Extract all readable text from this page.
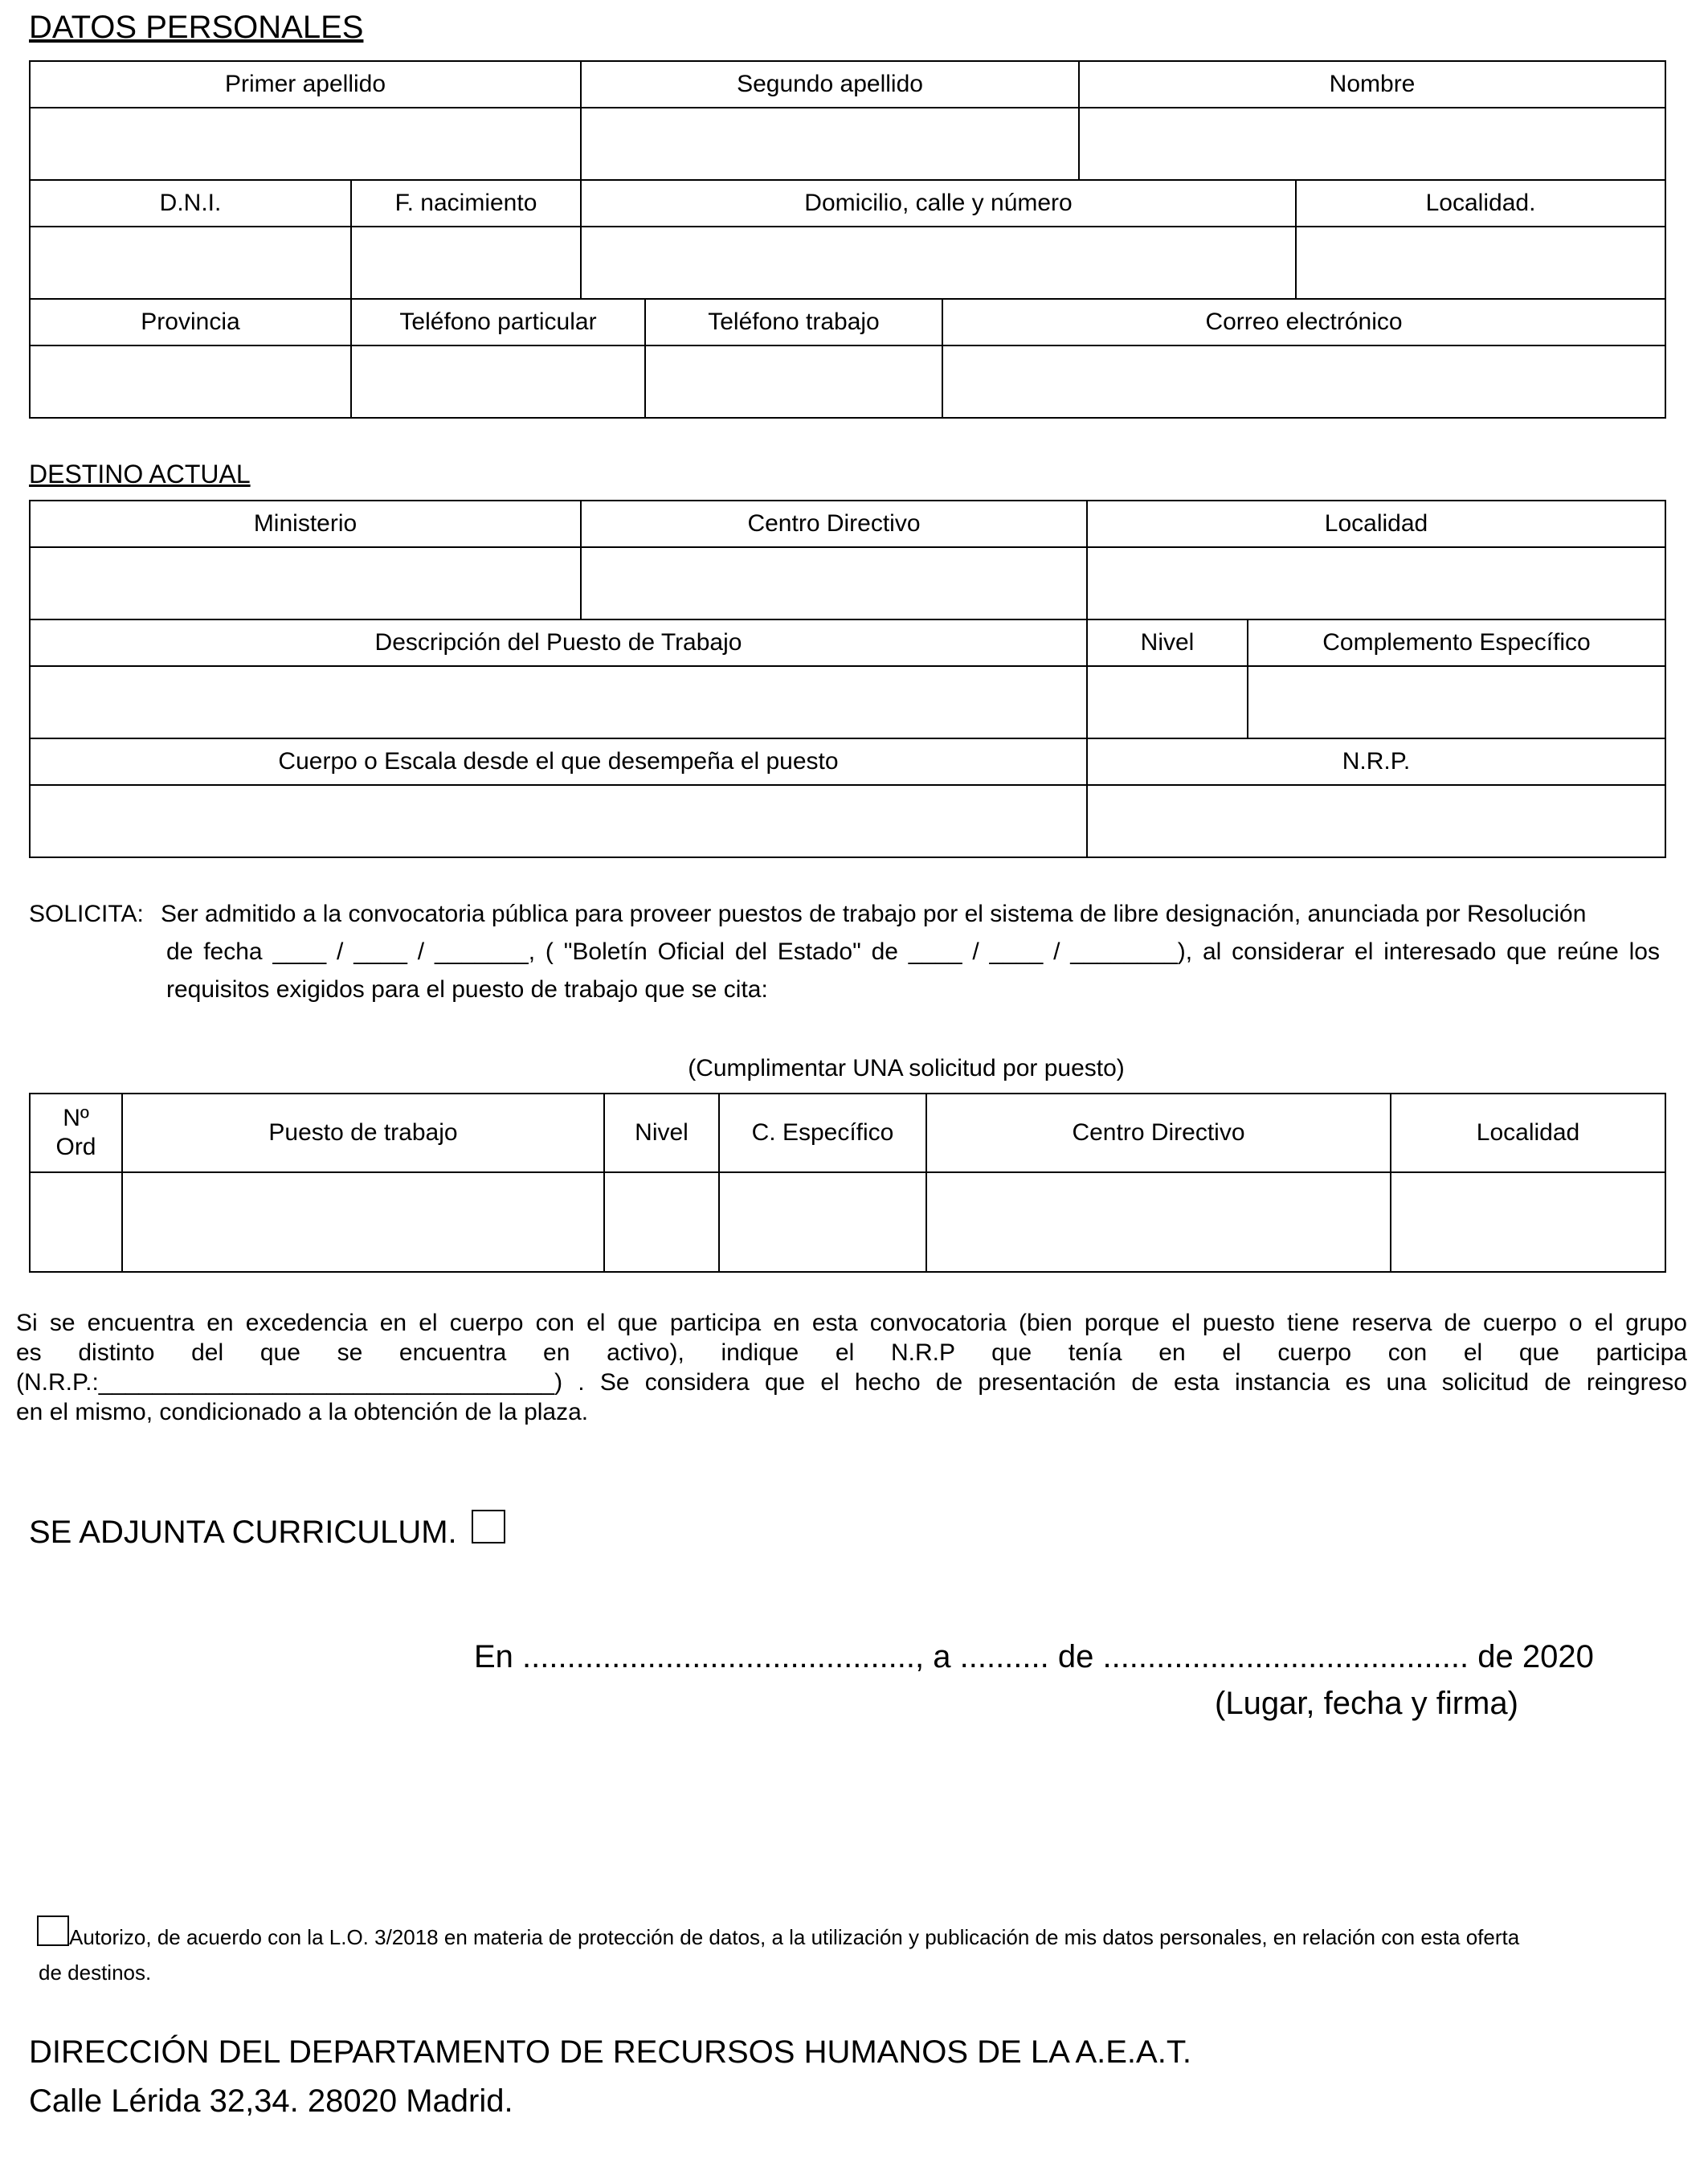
DATOS PERSONALES
Primer apellido		Segundo apellido			Nombre	

D.N.I.	F. nacimiento	Domicilio, calle y número				Localidad.

Provincia	Teléfono particular		Teléfono trabajo	Correo electrónico		

DESTINO ACTUAL
Ministerio	Centro Directivo	Localidad	

Descripción del Puesto de Trabajo		Nivel	Complemento Específico

Cuerpo o Escala desde el que desempeña el puesto		N.R.P.	

SOLICITA: Ser admitido a la convocatoria pública para proveer puestos de trabajo por el sistema de libre designación, anunciada por Resolución
de fecha ____ / ____ / _______, ( "Boletín Oficial del Estado" de ____ / ____ / ________), al considerar el interesado que reúne los
requisitos exigidos para el puesto de trabajo que se cita:
(Cumplimentar UNA solicitud por puesto)
Nº
Ord	Puesto de trabajo	Nivel	C. Específico	Centro Directivo	Localidad

Si se encuentra en excedencia en el cuerpo con el que participa en esta convocatoria (bien porque el puesto tiene reserva de cuerpo o el grupo
es distinto del que se encuentra en activo), indique el N.R.P que tenía en el cuerpo con el que participa
(N.R.P.:__________________________________) . Se considera que el hecho de presentación de esta instancia es una solicitud de reingreso
en el mismo, condicionado a la obtención de la plaza.
SE ADJUNTA CURRICULUM.
En ............................................, a .......... de ......................................... de 2020
(Lugar, fecha y firma)
Autorizo, de acuerdo con la L.O. 3/2018 en materia de protección de datos, a la utilización y publicación de mis datos personales, en relación con esta oferta
de destinos.
DIRECCIÓN DEL DEPARTAMENTO DE RECURSOS HUMANOS DE LA A.E.A.T.
Calle Lérida 32,34. 28020 Madrid.
